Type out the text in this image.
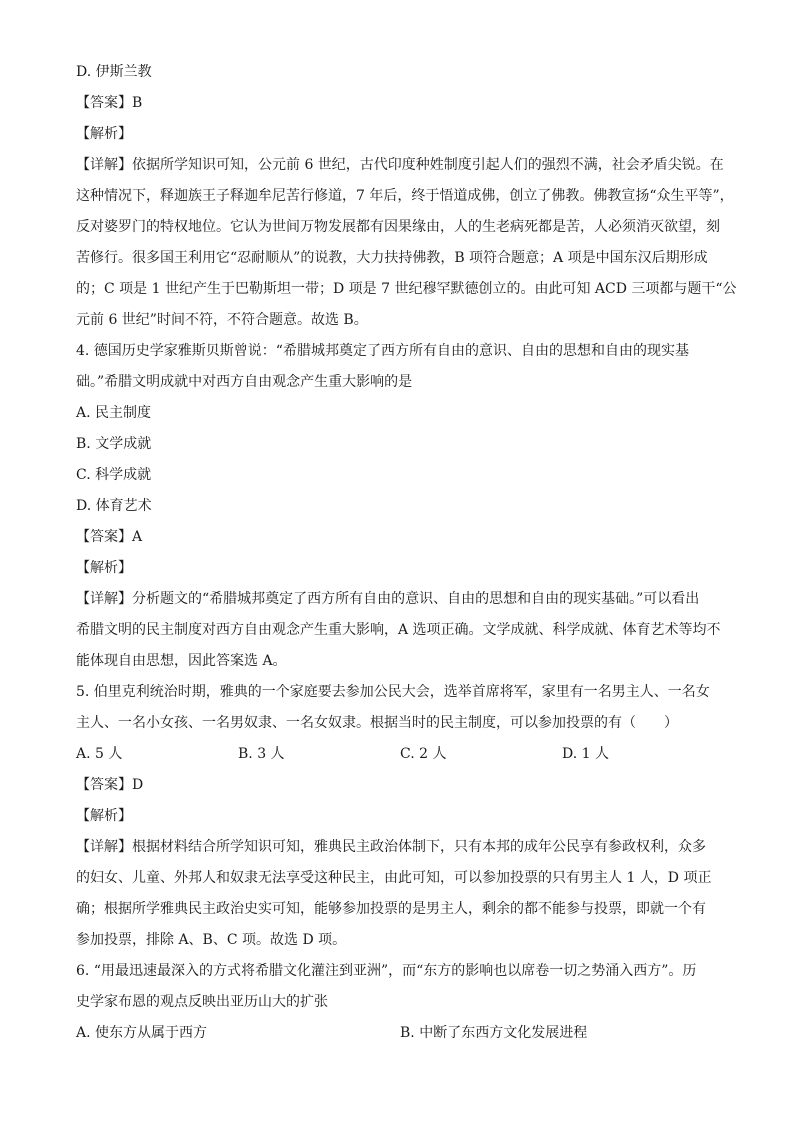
D. 伊斯兰教
【答案】B
【解析】
【详解】依据所学知识可知，公元前 6 世纪，古代印度种姓制度引起人们的强烈不满，社会矛盾尖锐。在
这种情况下，释迦族王子释迦牟尼苦行修道，7 年后，终于悟道成佛，创立了佛教。佛教宣扬“众生平等”，
反对婆罗门的特权地位。它认为世间万物发展都有因果缘由，人的生老病死都是苦，人必须消灭欲望，刻
苦修行。很多国王利用它“忍耐顺从”的说教，大力扶持佛教，B 项符合题意；A 项是中国东汉后期形成
的；C 项是 1 世纪产生于巴勒斯坦一带；D 项是 7 世纪穆罕默德创立的。由此可知 ACD 三项都与题干“公
元前 6 世纪”时间不符，不符合题意。故选 B。
4. 德国历史学家雅斯贝斯曾说：“希腊城邦奠定了西方所有自由的意识、自由的思想和自由的现实基
础。”希腊文明成就中对西方自由观念产生重大影响的是
A. 民主制度
B. 文学成就
C. 科学成就
D. 体育艺术
【答案】A
【解析】
【详解】分析题文的“希腊城邦奠定了西方所有自由的意识、自由的思想和自由的现实基础。”可以看出
希腊文明的民主制度对西方自由观念产生重大影响，A 选项正确。文学成就、科学成就、体育艺术等均不
能体现自由思想，因此答案选 A。
5. 伯里克利统治时期，雅典的一个家庭要去参加公民大会，选举首席将军，家里有一名男主人、一名女
主人、一名小女孩、一名男奴隶、一名女奴隶。根据当时的民主制度，可以参加投票的有（　　）
A. 5 人	B. 3 人	C. 2 人	D. 1 人
【答案】D
【解析】
【详解】根据材料结合所学知识可知，雅典民主政治体制下，只有本邦的成年公民享有参政权利，众多
的妇女、儿童、外邦人和奴隶无法享受这种民主，由此可知，可以参加投票的只有男主人 1 人，D 项正
确；根据所学雅典民主政治史实可知，能够参加投票的是男主人，剩余的都不能参与投票，即就一个有
参加投票，排除 A、B、C 项。故选 D 项。
6. “用最迅速最深入的方式将希腊文化灌注到亚洲”，而“东方的影响也以席卷一切之势涌入西方”。历
史学家布恩的观点反映出亚历山大的扩张
A. 使东方从属于西方	B. 中断了东西方文化发展进程
